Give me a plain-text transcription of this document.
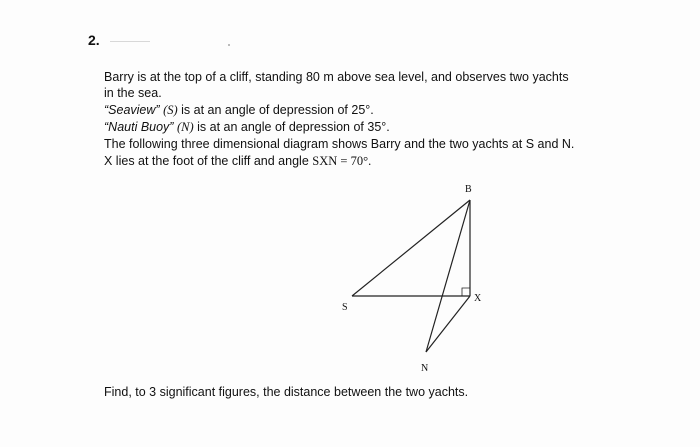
2.
Barry is at the top of a cliff, standing 80 m above sea level, and observes two yachts
in the sea.
“Seaview” (S) is at an angle of depression of 25°.
“Nauti Buoy” (N) is at an angle of depression of 35°.
The following three dimensional diagram shows Barry and the two yachts at S and N.
X lies at the foot of the cliff and angle SXN = 70°.
B
S
X
N
Find, to 3 significant figures, the distance between the two yachts.
